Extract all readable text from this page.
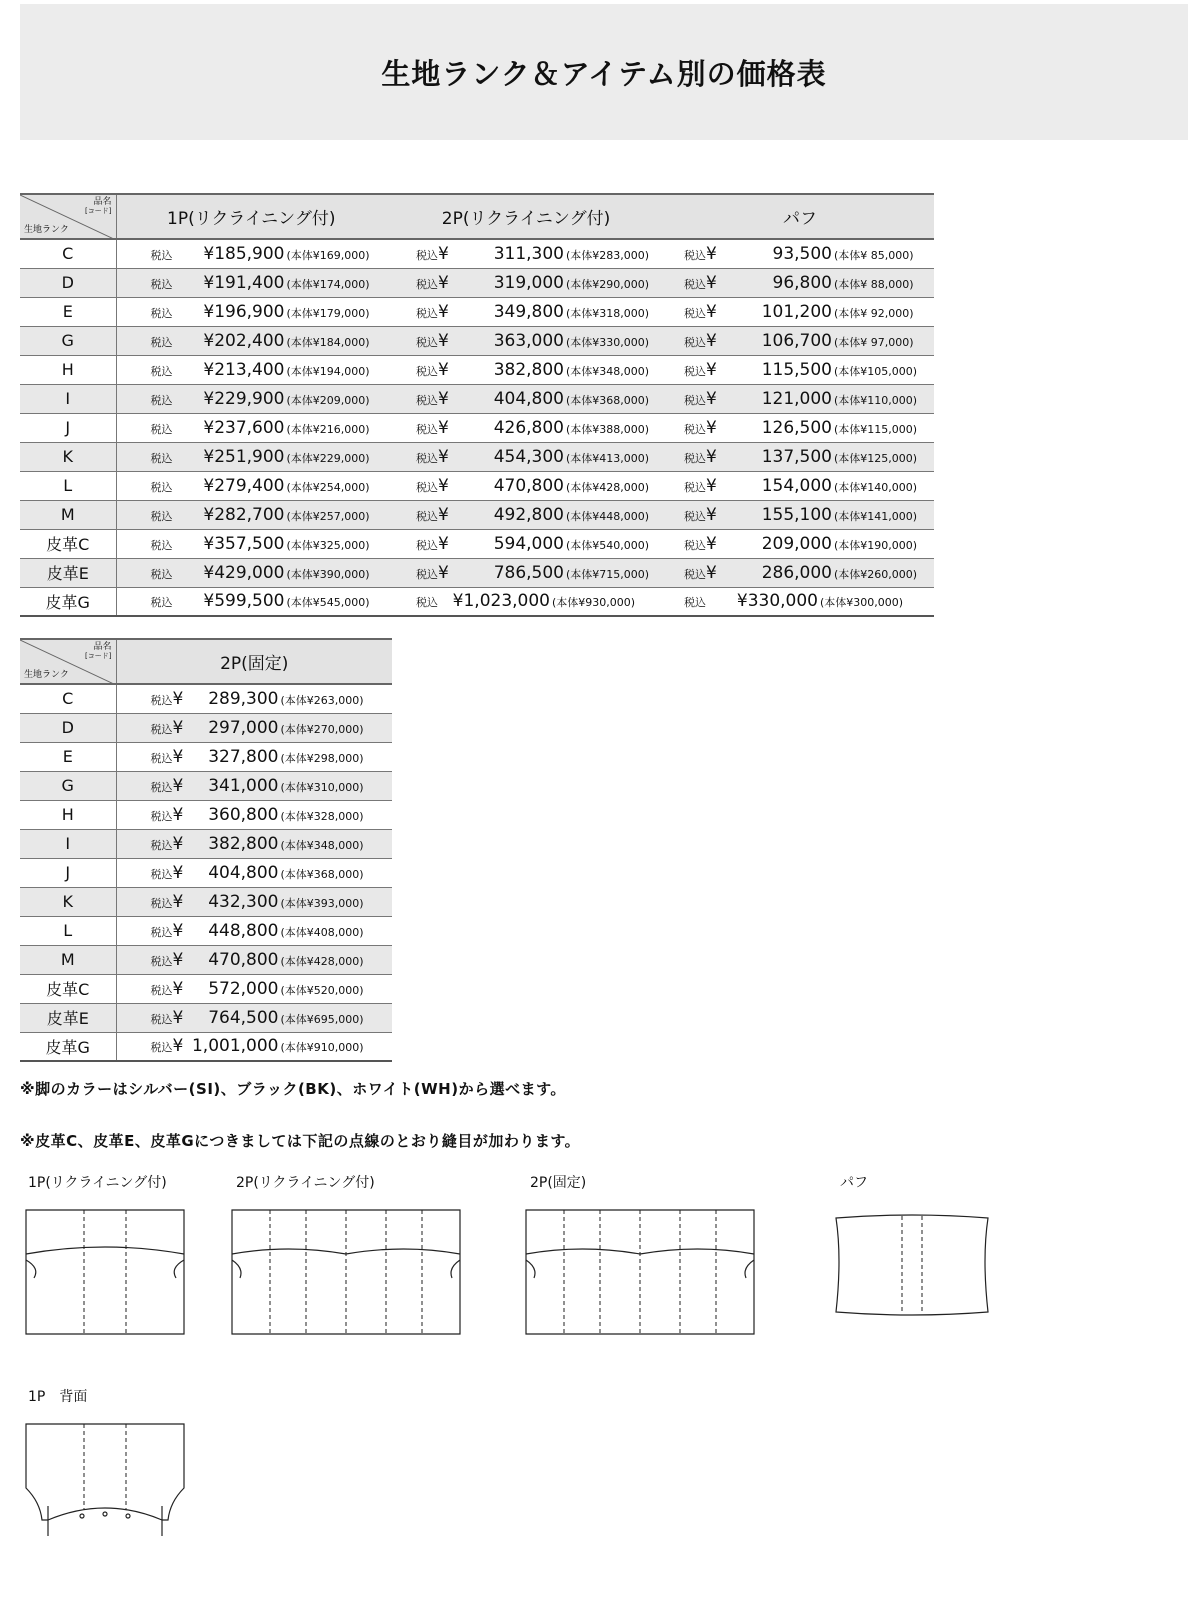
生地ランク＆アイテム別の価格表
品名
[コード]
生地ランク	1P(リクライニング付)	2P(リクライニング付)	パフ
C	税込 ¥185,900 (本体¥169,000)	税込 ¥ 311,300 (本体¥283,000)	税込 ¥ 93,500 (本体¥ 85,000)

D	税込 ¥191,400 (本体¥174,000)	税込 ¥ 319,000 (本体¥290,000)	税込 ¥ 96,800 (本体¥ 88,000)

E	税込 ¥196,900 (本体¥179,000)	税込 ¥ 349,800 (本体¥318,000)	税込 ¥ 101,200 (本体¥ 92,000)

G	税込 ¥202,400 (本体¥184,000)	税込 ¥ 363,000 (本体¥330,000)	税込 ¥ 106,700 (本体¥ 97,000)

H	税込 ¥213,400 (本体¥194,000)	税込 ¥ 382,800 (本体¥348,000)	税込 ¥ 115,500 (本体¥105,000)

I	税込 ¥229,900 (本体¥209,000)	税込 ¥ 404,800 (本体¥368,000)	税込 ¥ 121,000 (本体¥110,000)

J	税込 ¥237,600 (本体¥216,000)	税込 ¥ 426,800 (本体¥388,000)	税込 ¥ 126,500 (本体¥115,000)

K	税込 ¥251,900 (本体¥229,000)	税込 ¥ 454,300 (本体¥413,000)	税込 ¥ 137,500 (本体¥125,000)

L	税込 ¥279,400 (本体¥254,000)	税込 ¥ 470,800 (本体¥428,000)	税込 ¥ 154,000 (本体¥140,000)

M	税込 ¥282,700 (本体¥257,000)	税込 ¥ 492,800 (本体¥448,000)	税込 ¥ 155,100 (本体¥141,000)

皮革C	税込 ¥357,500 (本体¥325,000)	税込 ¥ 594,000 (本体¥540,000)	税込 ¥ 209,000 (本体¥190,000)

皮革E	税込 ¥429,000 (本体¥390,000)	税込 ¥ 786,500 (本体¥715,000)	税込 ¥ 286,000 (本体¥260,000)

皮革G	税込 ¥599,500 (本体¥545,000)	税込 ¥1,023,000 (本体¥930,000)	税込 ¥330,000 (本体¥300,000)
品名
[コード]
生地ランク	2P(固定)
C	税込 ¥ 289,300 (本体¥263,000)

D	税込 ¥ 297,000 (本体¥270,000)

E	税込 ¥ 327,800 (本体¥298,000)

G	税込 ¥ 341,000 (本体¥310,000)

H	税込 ¥ 360,800 (本体¥328,000)

I	税込 ¥ 382,800 (本体¥348,000)

J	税込 ¥ 404,800 (本体¥368,000)

K	税込 ¥ 432,300 (本体¥393,000)

L	税込 ¥ 448,800 (本体¥408,000)

M	税込 ¥ 470,800 (本体¥428,000)

皮革C	税込 ¥ 572,000 (本体¥520,000)

皮革E	税込 ¥ 764,500 (本体¥695,000)

皮革G	税込 ¥ 1,001,000 (本体¥910,000)
※脚のカラーはシルバー(SI)、ブラック(BK)、ホワイト(WH)から選べます。
※皮革C、皮革E、皮革Gにつきましては下記の点線のとおり縫目が加わります。
1P(リクライニング付)	2P(リクライニング付)	2P(固定)	パフ
1P　背面
